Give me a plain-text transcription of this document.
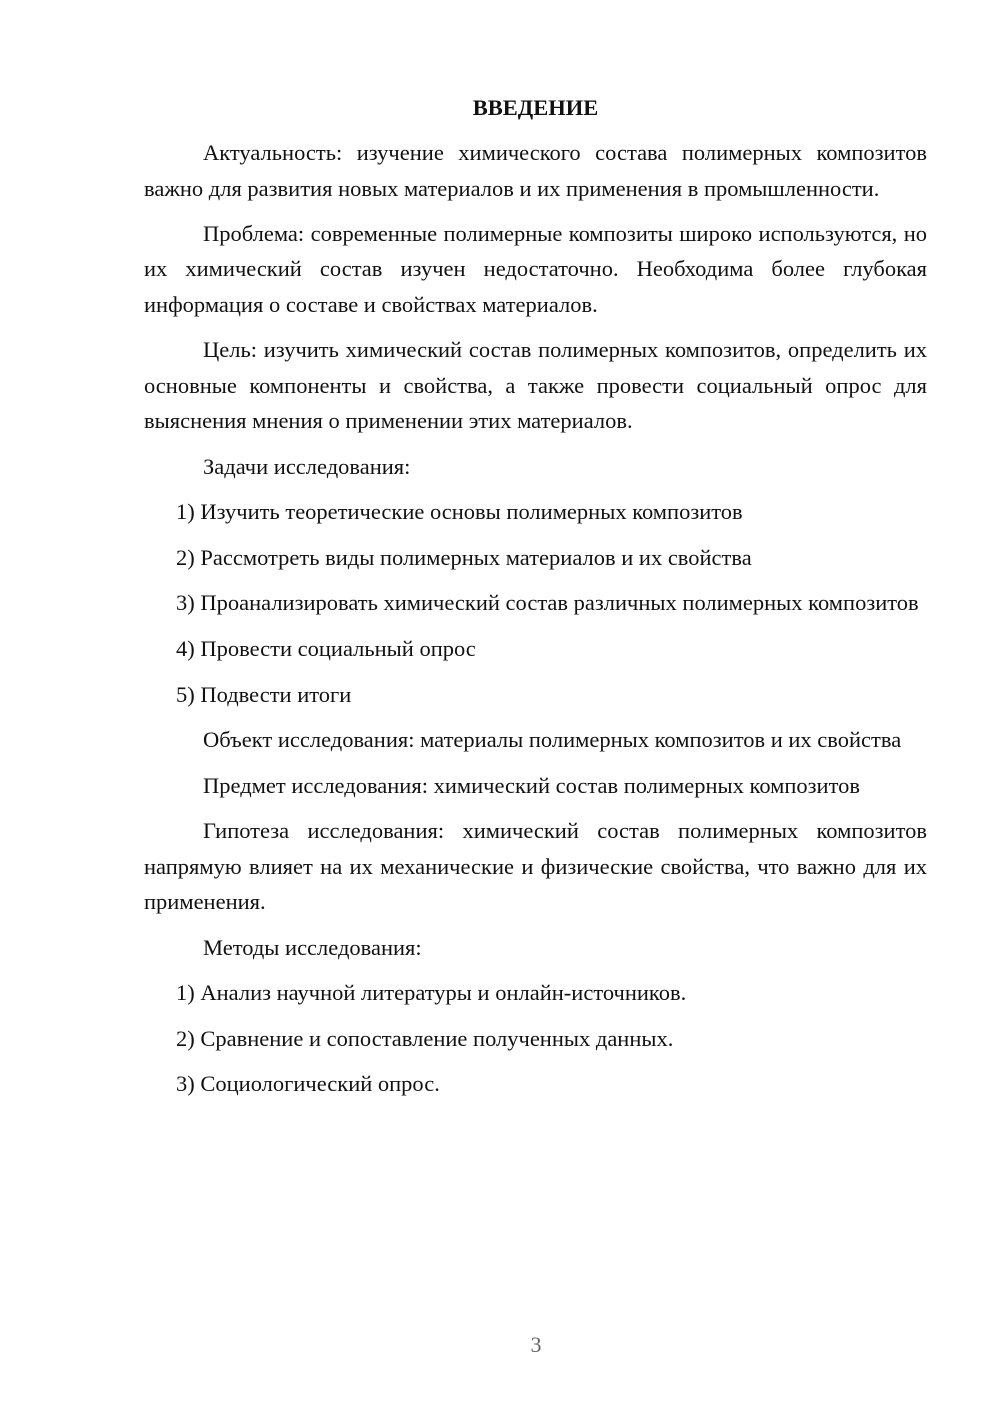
ВВЕДЕНИЕ

Актуальность: изучение химического состава полимерных композитов важно для развития новых материалов и их применения в промышленности.

Проблема: современные полимерные композиты широко используются, но их химический состав изучен недостаточно. Необходима более глубокая информация о составе и свойствах материалов.

Цель: изучить химический состав полимерных композитов, определить их основные компоненты и свойства, а также провести социальный опрос для выяснения мнения о применении этих материалов.

Задачи исследования:

1) Изучить теоретические основы полимерных композитов

2) Рассмотреть виды полимерных материалов и их свойства

3) Проанализировать химический состав различных полимерных композитов

4) Провести социальный опрос

5) Подвести итоги

Объект исследования: материалы полимерных композитов и их свойства

Предмет исследования: химический состав полимерных композитов

Гипотеза исследования: химический состав полимерных композитов напрямую влияет на их механические и физические свойства, что важно для их применения.

Методы исследования:

1) Анализ научной литературы и онлайн-источников.

2) Сравнение и сопоставление полученных данных.

3) Социологический опрос.

3
